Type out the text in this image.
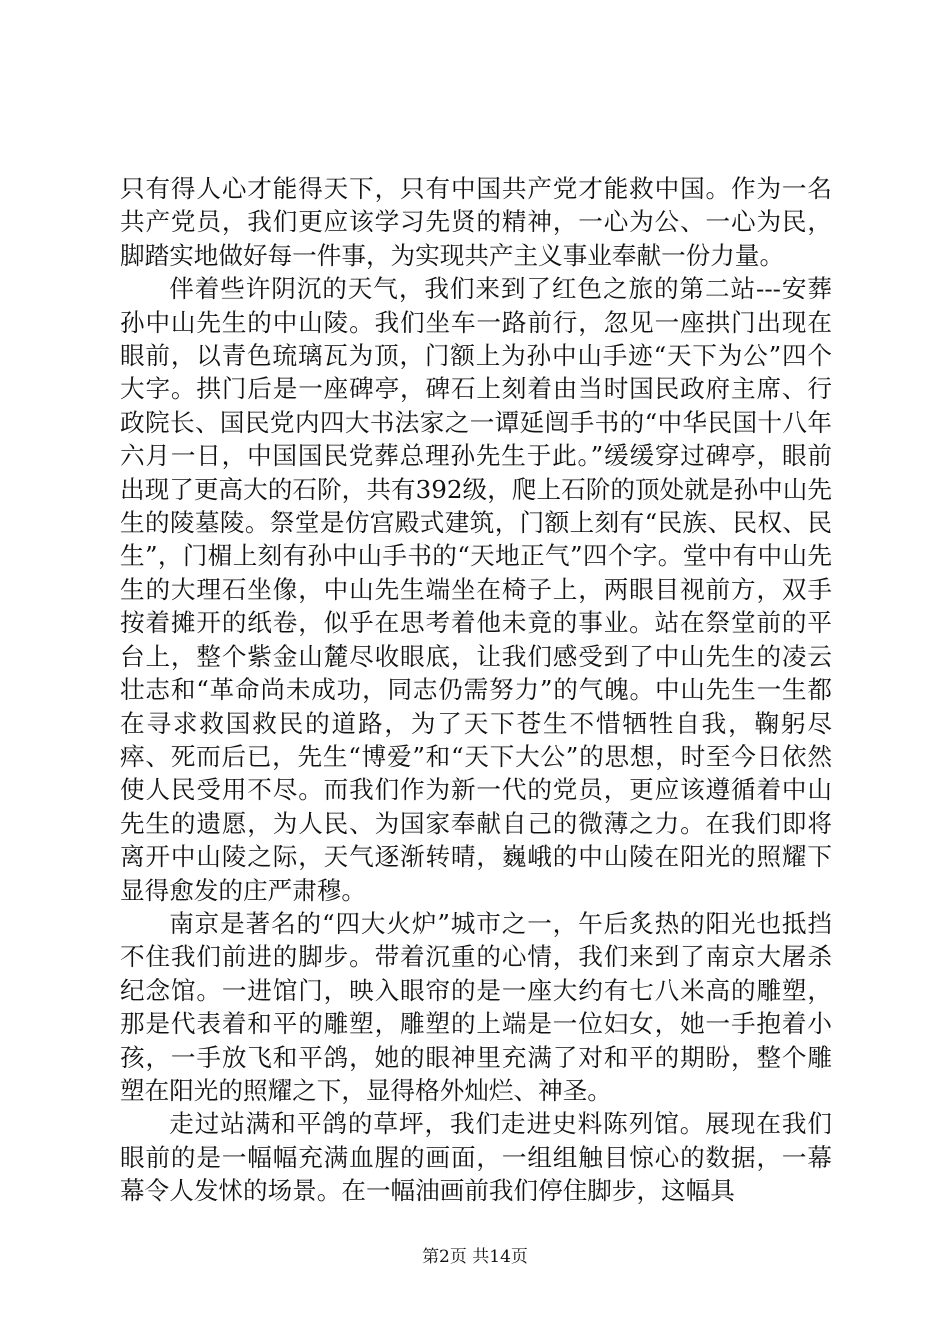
只有得人心才能得天下，只有中国共产党才能救中国。作为一名共产党员，我们更应该学习先贤的精神，一心为公、一心为民，脚踏实地做好每一件事，为实现共产主义事业奉献一份力量。

伴着些许阴沉的天气，我们来到了红色之旅的第二站---安葬孙中山先生的中山陵。我们坐车一路前行，忽见一座拱门出现在眼前，以青色琉璃瓦为顶，门额上为孙中山手迹“天下为公”四个大字。拱门后是一座碑亭，碑石上刻着由当时国民政府主席、行政院长、国民党内四大书法家之一谭延闿手书的“中华民国十八年六月一日，中国国民党葬总理孙先生于此。”缓缓穿过碑亭，眼前出现了更高大的石阶，共有392级，爬上石阶的顶处就是孙中山先生的陵墓陵。祭堂是仿宫殿式建筑，门额上刻有“民族、民权、民生”，门楣上刻有孙中山手书的“天地正气”四个字。堂中有中山先生的大理石坐像，中山先生端坐在椅子上，两眼目视前方，双手按着摊开的纸卷，似乎在思考着他未竟的事业。站在祭堂前的平台上，整个紫金山麓尽收眼底，让我们感受到了中山先生的凌云壮志和“革命尚未成功，同志仍需努力”的气魄。中山先生一生都在寻求救国救民的道路，为了天下苍生不惜牺牲自我，鞠躬尽瘁、死而后已，先生“博爱”和“天下大公”的思想，时至今日依然使人民受用不尽。而我们作为新一代的党员，更应该遵循着中山先生的遗愿，为人民、为国家奉献自己的微薄之力。在我们即将离开中山陵之际，天气逐渐转晴，巍峨的中山陵在阳光的照耀下显得愈发的庄严肃穆。

南京是著名的“四大火炉”城市之一，午后炙热的阳光也抵挡不住我们前进的脚步。带着沉重的心情，我们来到了南京大屠杀纪念馆。一进馆门，映入眼帘的是一座大约有七八米高的雕塑，那是代表着和平的雕塑，雕塑的上端是一位妇女，她一手抱着小孩，一手放飞和平鸽，她的眼神里充满了对和平的期盼，整个雕塑在阳光的照耀之下，显得格外灿烂、神圣。

走过站满和平鸽的草坪，我们走进史料陈列馆。展现在我们眼前的是一幅幅充满血腥的画面，一组组触目惊心的数据，一幕幕令人发怵的场景。在一幅油画前我们停住脚步，这幅具

第2页 共14页
